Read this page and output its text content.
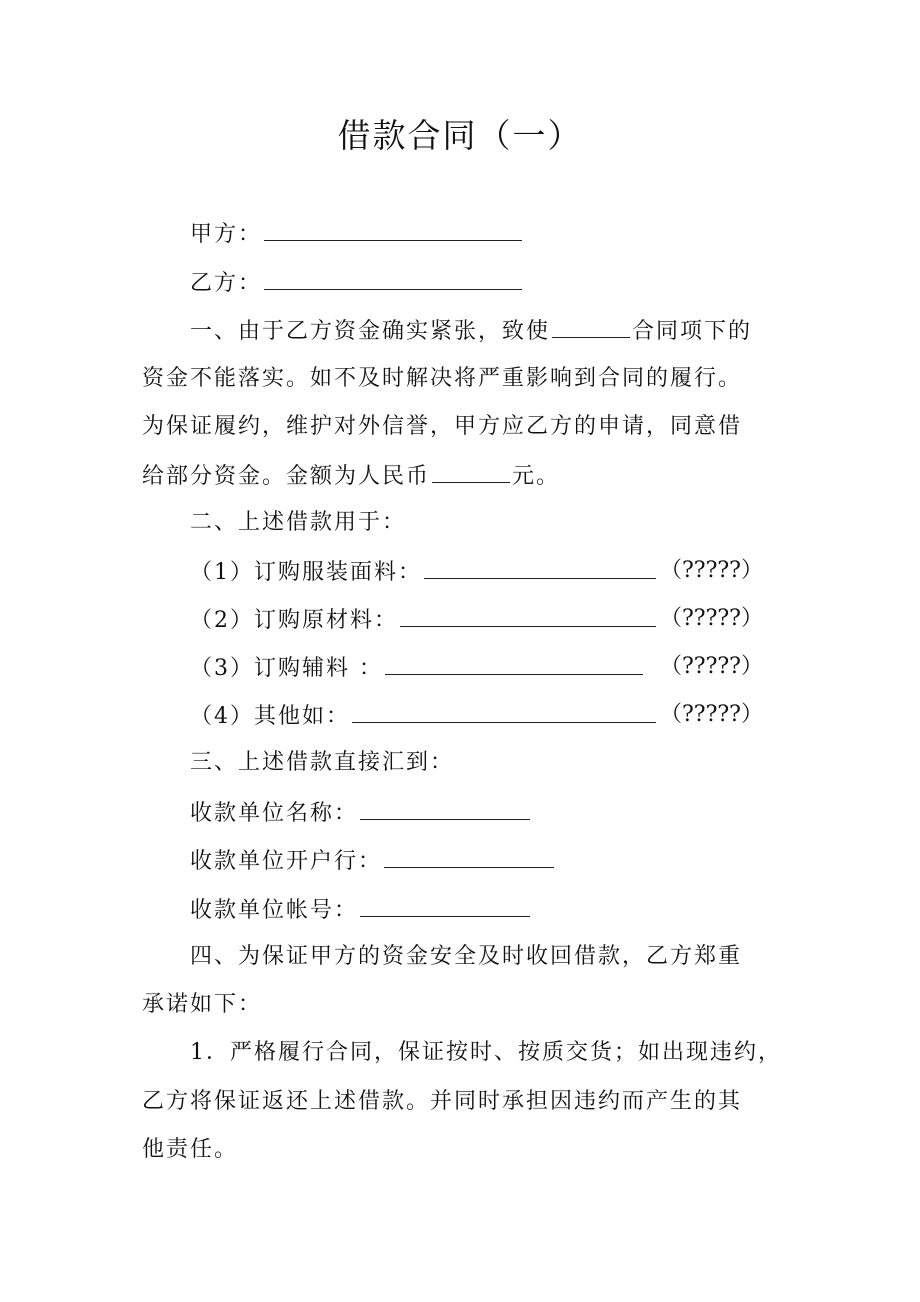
借款合同（一）
甲方：
乙方：
一、由于乙方资金确实紧张，致使	合同项下的
资金不能落实。如不及时解决将严重影响到合同的履行。
为保证履约，维护对外信誉，甲方应乙方的申请，同意借
给部分资金。金额为人民币	元。
二、上述借款用于：
（1）订购服装面料：	（?????）
（2）订购原材料：	（?????）
（3）订购辅料 ：	（?????）
（4）其他如：	（?????）
三、上述借款直接汇到：
收款单位名称：
收款单位开户行：
收款单位帐号：
四、为保证甲方的资金安全及时收回借款，乙方郑重
承诺如下：
1．严格履行合同，保证按时、按质交货；如出现违约，
乙方将保证返还上述借款。并同时承担因违约而产生的其
他责任。
